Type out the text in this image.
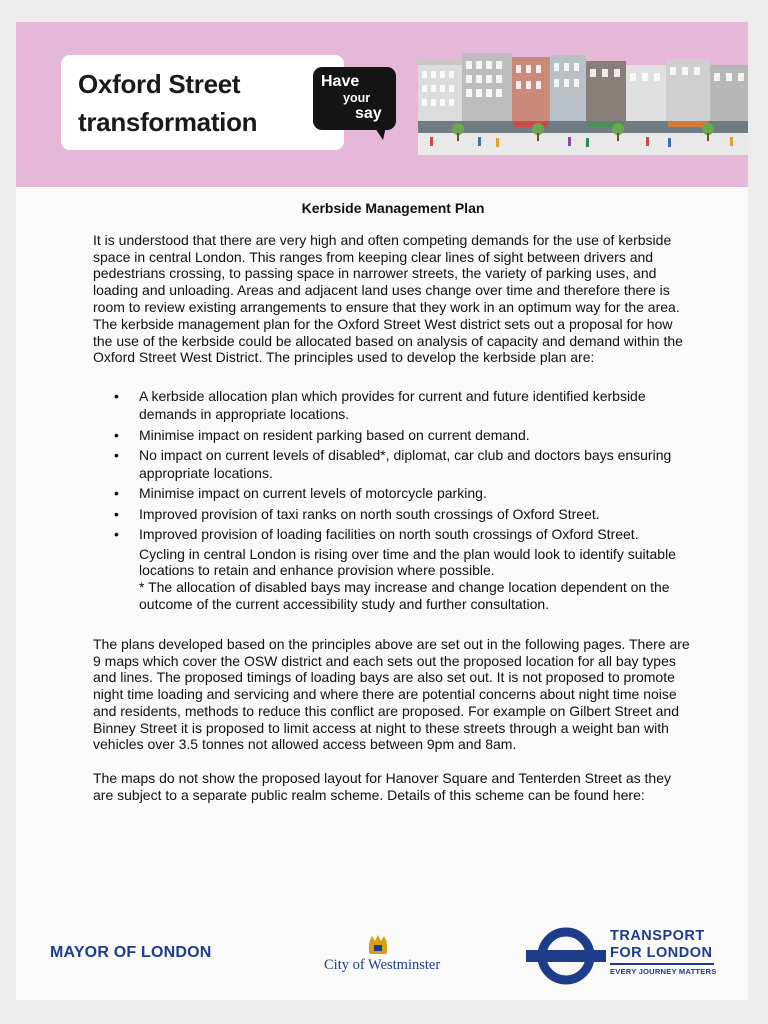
Oxford Street
transformation
Have
your
say
Kerbside Management Plan

It is understood that there are very high and often competing demands for the use of kerbside space in central London. This ranges from keeping clear lines of sight between drivers and pedestrians crossing, to passing space in narrower streets, the variety of parking uses, and loading and unloading. Areas and adjacent land uses change over time and therefore there is room to review existing arrangements to ensure that they work in an optimum way for the area. The kerbside management plan for the Oxford Street West district sets out a proposal for how the use of the kerbside could be allocated based on analysis of capacity and demand within the Oxford Street West District. The principles used to develop the kerbside plan are:

• A kerbside allocation plan which provides for current and future identified kerbside demands in appropriate locations.
• Minimise impact on resident parking based on current demand.
• No impact on current levels of disabled*, diplomat, car club and doctors bays ensuring appropriate locations.
• Minimise impact on current levels of motorcycle parking.
• Improved provision of taxi ranks on north south crossings of Oxford Street.
• Improved provision of loading facilities on north south crossings of Oxford Street.
Cycling in central London is rising over time and the plan would look to identify suitable locations to retain and enhance provision where possible.
* The allocation of disabled bays may increase and change location dependent on the outcome of the current accessibility study and further consultation.

The plans developed based on the principles above are set out in the following pages. There are 9 maps which cover the OSW district and each sets out the proposed location for all bay types and lines. The proposed timings of loading bays are also set out. It is not proposed to promote night time loading and servicing and where there are potential concerns about night time noise and residents, methods to reduce this conflict are proposed. For example on Gilbert Street and Binney Street it is proposed to limit access at night to these streets through a weight ban with vehicles over 3.5 tonnes not allowed access between 9pm and 8am.

The maps do not show the proposed layout for Hanover Square and Tenterden Street as they are subject to a separate public realm scheme. Details of this scheme can be found here:

MAYOR OF LONDON
City of Westminster
TRANSPORT
FOR LONDON
EVERY JOURNEY MATTERS
